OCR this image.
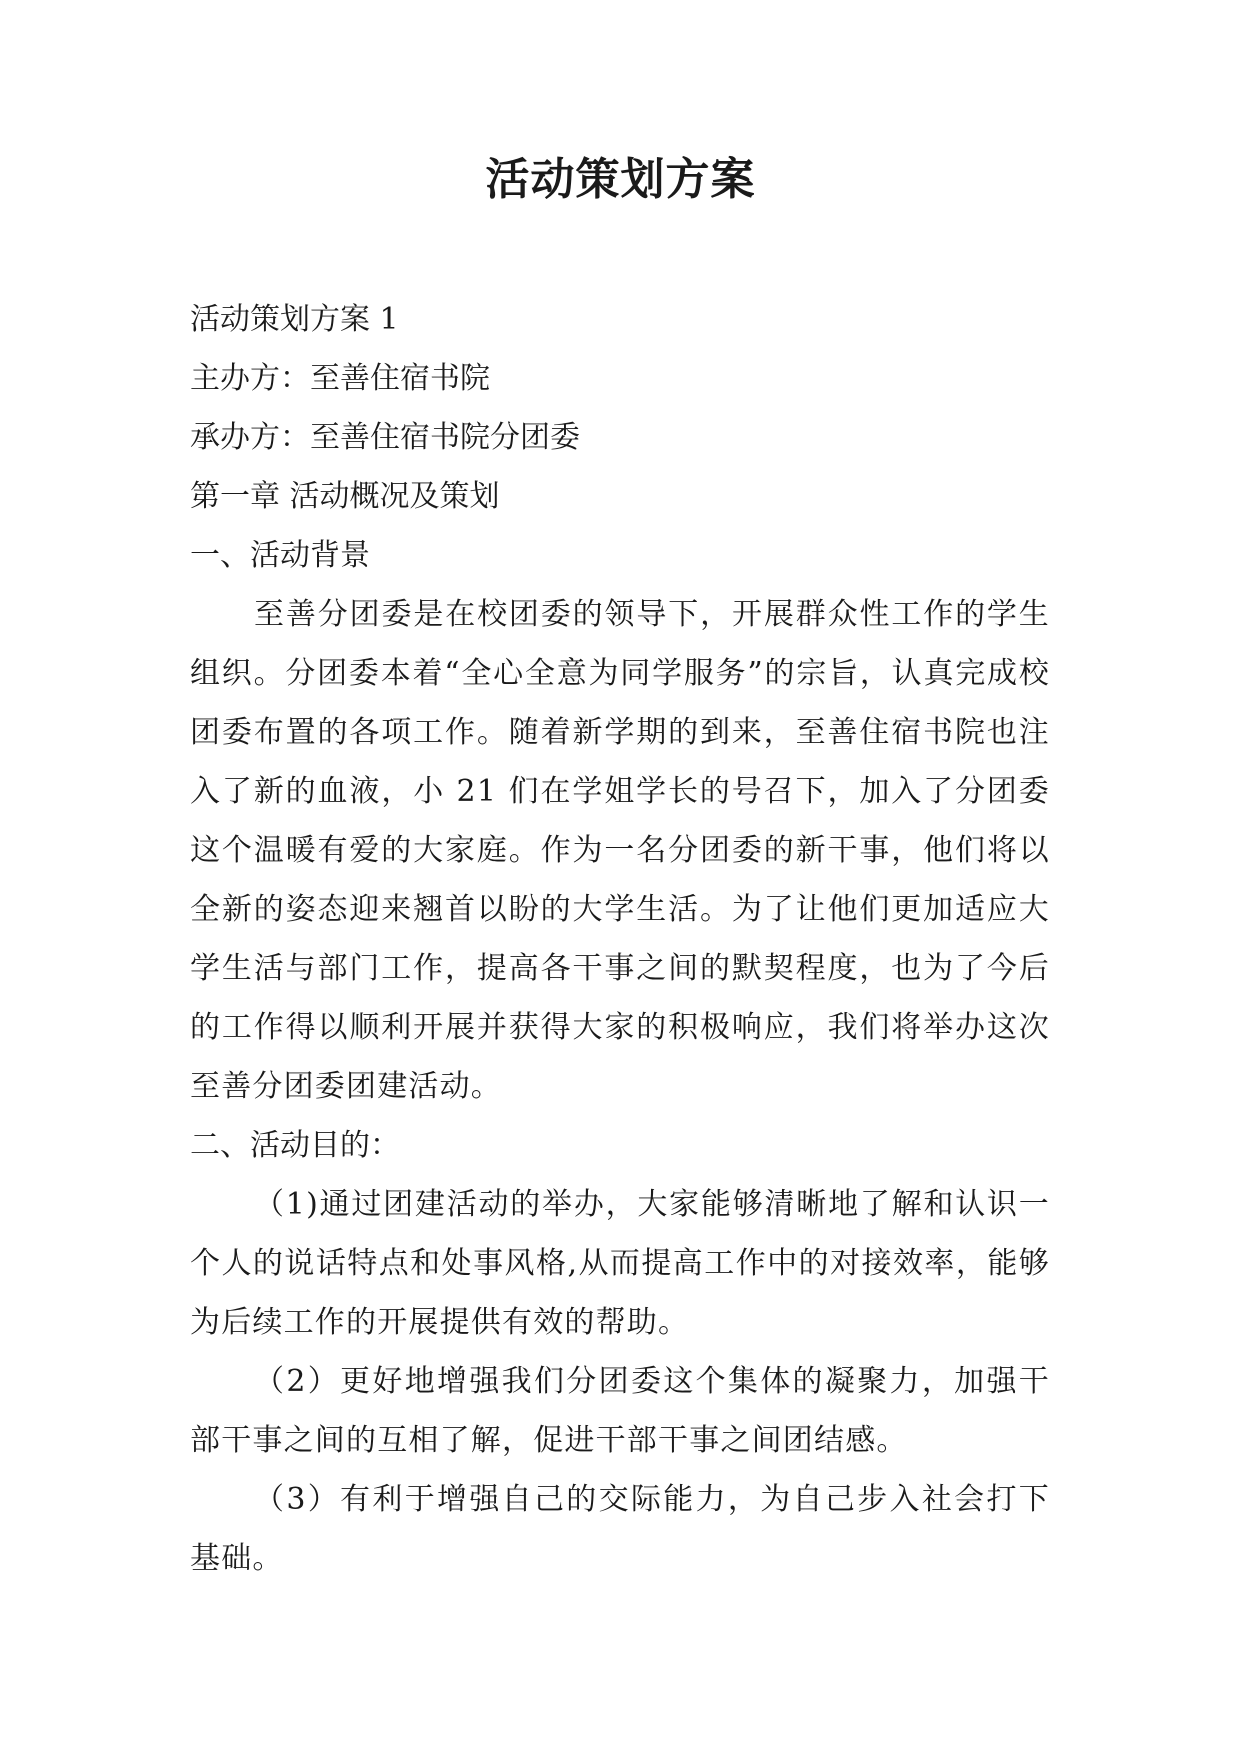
活动策划方案

活动策划方案 1

主办方：至善住宿书院

承办方：至善住宿书院分团委

第一章 活动概况及策划

一、活动背景

至善分团委是在校团委的领导下，开展群众性工作的学生组织。分团委本着“全心全意为同学服务”的宗旨，认真完成校团委布置的各项工作。随着新学期的到来，至善住宿书院也注入了新的血液，小 21 们在学姐学长的号召下，加入了分团委这个温暖有爱的大家庭。作为一名分团委的新干事，他们将以全新的姿态迎来翘首以盼的大学生活。为了让他们更加适应大学生活与部门工作，提高各干事之间的默契程度，也为了今后的工作得以顺利开展并获得大家的积极响应，我们将举办这次至善分团委团建活动。

二、活动目的：

（1)通过团建活动的举办，大家能够清晰地了解和认识一个人的说话特点和处事风格,从而提高工作中的对接效率，能够为后续工作的开展提供有效的帮助。

（2）更好地增强我们分团委这个集体的凝聚力，加强干部干事之间的互相了解，促进干部干事之间团结感。

（3）有利于增强自己的交际能力，为自己步入社会打下基础。
